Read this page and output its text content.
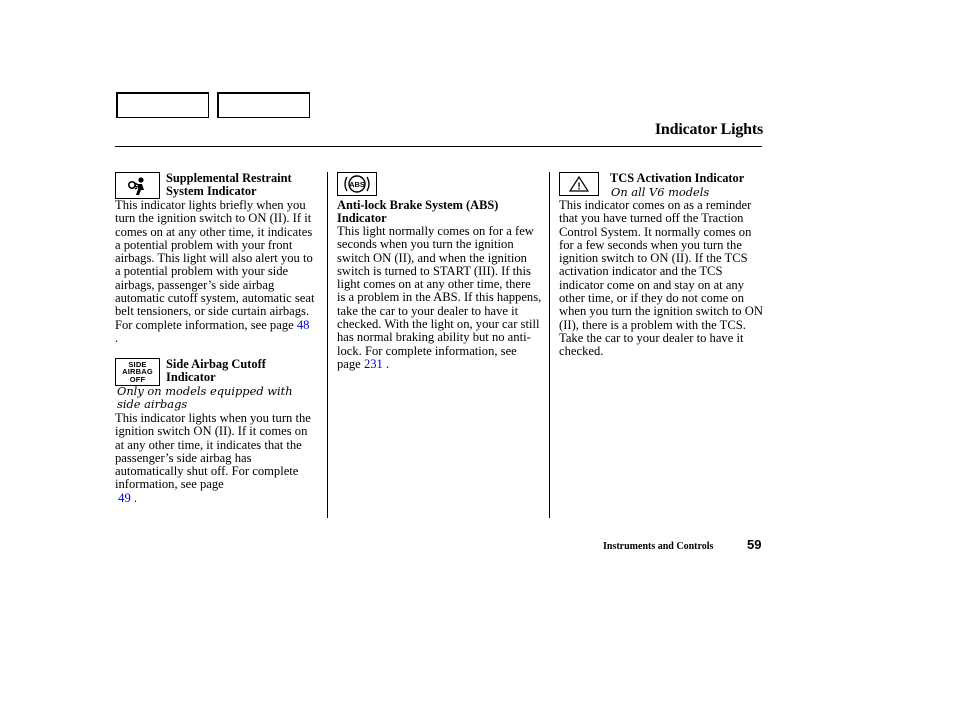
Indicator Lights
Supplemental Restraint System Indicator
This indicator lights briefly when you turn the ignition switch to ON (II). If it comes on at any other time, it indicates a potential problem with your front airbags. This light will also alert you to a potential problem with your side airbags, passenger’s side airbag automatic cutoff system, automatic seat belt tensioners, or side curtain airbags. For complete information, see page 48 .
SIDE
AIRBAG
OFF
Side Airbag Cutoff Indicator
Only on models equipped with side airbags
This indicator lights when you turn the ignition switch ON (II). If it comes on at any other time, it indicates that the passenger’s side airbag has automatically shut off. For complete information, see page
49 .
ABS
Anti-lock Brake System (ABS) Indicator
This light normally comes on for a few seconds when you turn the ignition switch ON (II), and when the ignition switch is turned to START (III). If this light comes on at any other time, there is a problem in the ABS. If this happens, take the car to your dealer to have it checked. With the light on, your car still has normal braking ability but no anti-lock. For complete information, see page 231 .
!
TCS Activation Indicator
On all V6 models
This indicator comes on as a reminder that you have turned off the Traction Control System. It normally comes on for a few seconds when you turn the ignition switch to ON (II). If the TCS activation indicator and the TCS indicator come on and stay on at any other time, or if they do not come on when you turn the ignition switch to ON (II), there is a problem with the TCS. Take the car to your dealer to have it checked.
Instruments and Controls	59
